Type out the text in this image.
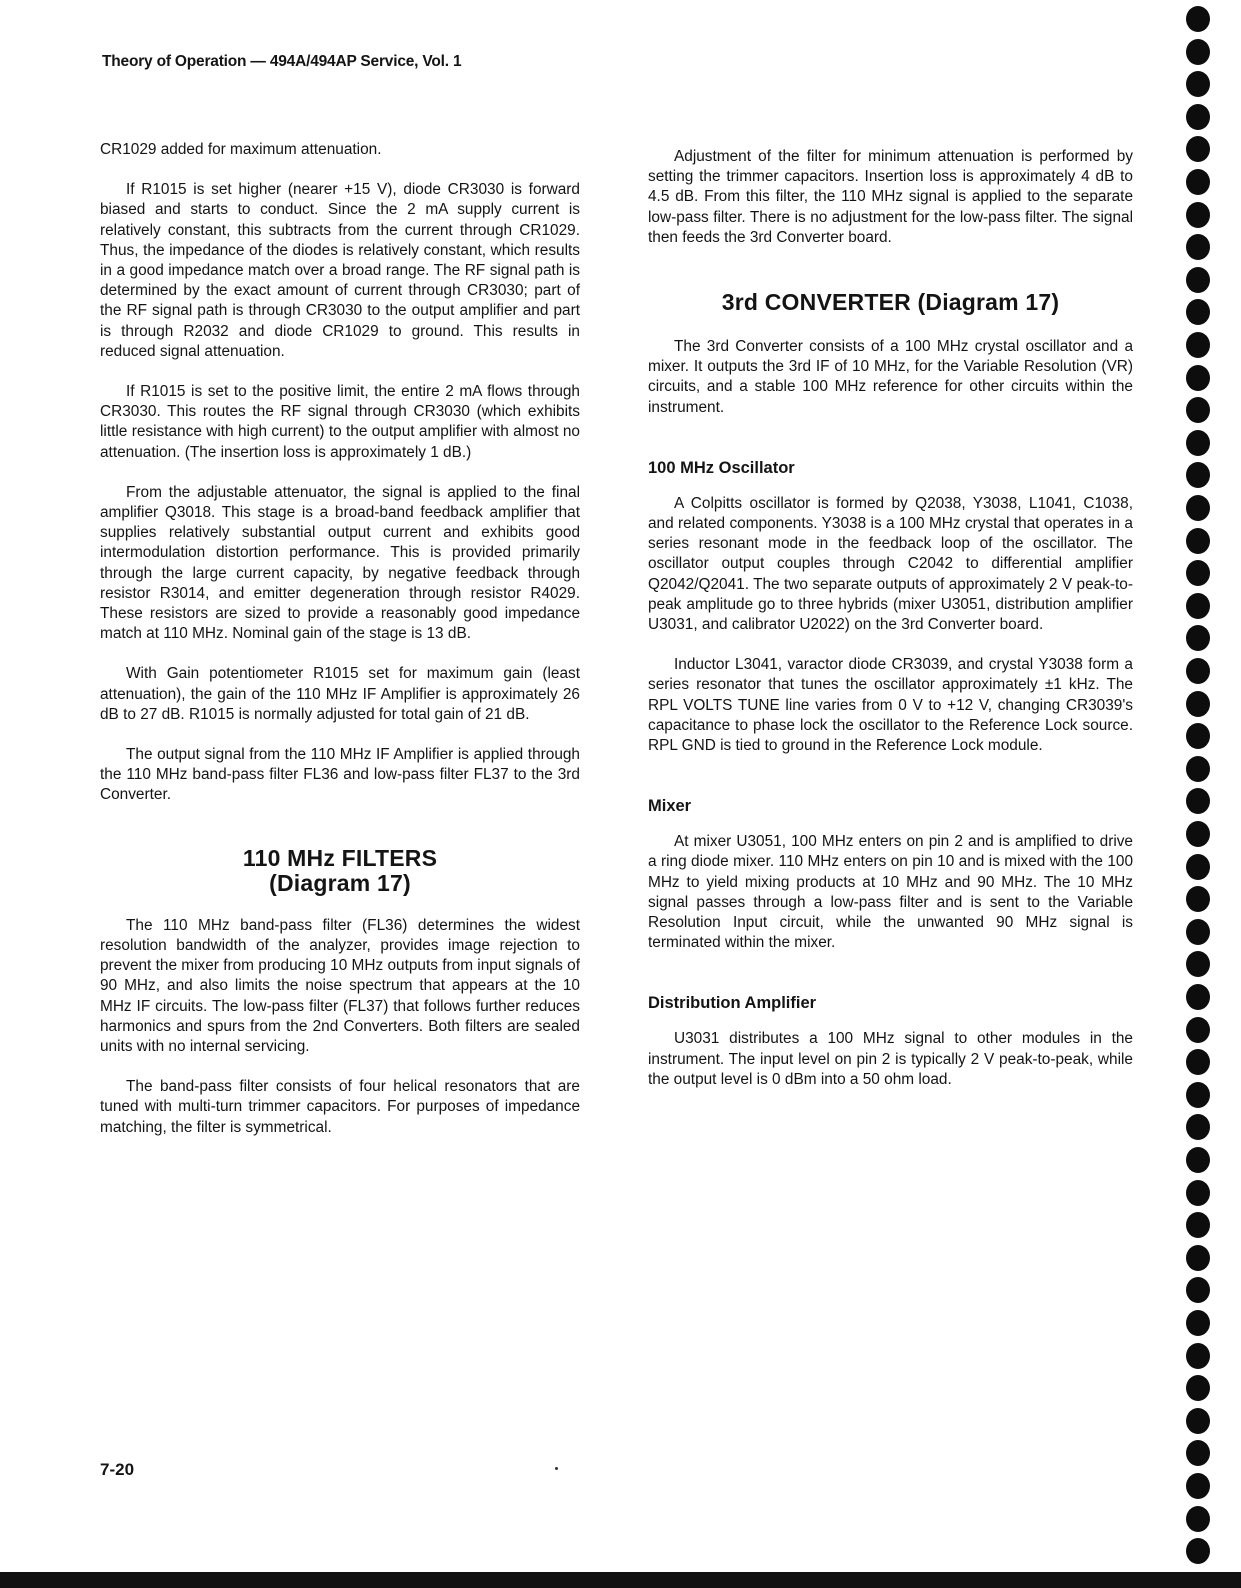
Theory of Operation — 494A/494AP Service, Vol. 1

CR1029 added for maximum attenuation.

If R1015 is set higher (nearer +15 V), diode CR3030 is forward biased and starts to conduct. Since the 2 mA supply current is relatively constant, this subtracts from the current through CR1029. Thus, the impedance of the diodes is relatively constant, which results in a good impedance match over a broad range. The RF signal path is determined by the exact amount of current through CR3030; part of the RF signal path is through CR3030 to the output amplifier and part is through R2032 and diode CR1029 to ground. This results in reduced signal attenuation.

If R1015 is set to the positive limit, the entire 2 mA flows through CR3030. This routes the RF signal through CR3030 (which exhibits little resistance with high current) to the output amplifier with almost no attenuation. (The insertion loss is approximately 1 dB.)

From the adjustable attenuator, the signal is applied to the final amplifier Q3018. This stage is a broad-band feedback amplifier that supplies relatively substantial output current and exhibits good intermodulation distortion performance. This is provided primarily through the large current capacity, by negative feedback through resistor R3014, and emitter degeneration through resistor R4029. These resistors are sized to provide a reasonably good impedance match at 110 MHz. Nominal gain of the stage is 13 dB.

With Gain potentiometer R1015 set for maximum gain (least attenuation), the gain of the 110 MHz IF Amplifier is approximately 26 dB to 27 dB. R1015 is normally adjusted for total gain of 21 dB.

The output signal from the 110 MHz IF Amplifier is applied through the 110 MHz band-pass filter FL36 and low-pass filter FL37 to the 3rd Converter.

110 MHz FILTERS
(Diagram 17)

The 110 MHz band-pass filter (FL36) determines the widest resolution bandwidth of the analyzer, provides image rejection to prevent the mixer from producing 10 MHz outputs from input signals of 90 MHz, and also limits the noise spectrum that appears at the 10 MHz IF circuits. The low-pass filter (FL37) that follows further reduces harmonics and spurs from the 2nd Converters. Both filters are sealed units with no internal servicing.

The band-pass filter consists of four helical resonators that are tuned with multi-turn trimmer capacitors. For purposes of impedance matching, the filter is symmetrical.

Adjustment of the filter for minimum attenuation is performed by setting the trimmer capacitors. Insertion loss is approximately 4 dB to 4.5 dB. From this filter, the 110 MHz signal is applied to the separate low-pass filter. There is no adjustment for the low-pass filter. The signal then feeds the 3rd Converter board.

3rd CONVERTER (Diagram 17)

The 3rd Converter consists of a 100 MHz crystal oscillator and a mixer. It outputs the 3rd IF of 10 MHz, for the Variable Resolution (VR) circuits, and a stable 100 MHz reference for other circuits within the instrument.

100 MHz Oscillator

A Colpitts oscillator is formed by Q2038, Y3038, L1041, C1038, and related components. Y3038 is a 100 MHz crystal that operates in a series resonant mode in the feedback loop of the oscillator. The oscillator output couples through C2042 to differential amplifier Q2042/Q2041. The two separate outputs of approximately 2 V peak-to-peak amplitude go to three hybrids (mixer U3051, distribution amplifier U3031, and calibrator U2022) on the 3rd Converter board.

Inductor L3041, varactor diode CR3039, and crystal Y3038 form a series resonator that tunes the oscillator approximately ±1 kHz. The RPL VOLTS TUNE line varies from 0 V to +12 V, changing CR3039's capacitance to phase lock the oscillator to the Reference Lock source. RPL GND is tied to ground in the Reference Lock module.

Mixer

At mixer U3051, 100 MHz enters on pin 2 and is amplified to drive a ring diode mixer. 110 MHz enters on pin 10 and is mixed with the 100 MHz to yield mixing products at 10 MHz and 90 MHz. The 10 MHz signal passes through a low-pass filter and is sent to the Variable Resolution Input circuit, while the unwanted 90 MHz signal is terminated within the mixer.

Distribution Amplifier

U3031 distributes a 100 MHz signal to other modules in the instrument. The input level on pin 2 is typically 2 V peak-to-peak, while the output level is 0 dBm into a 50 ohm load.

7-20
